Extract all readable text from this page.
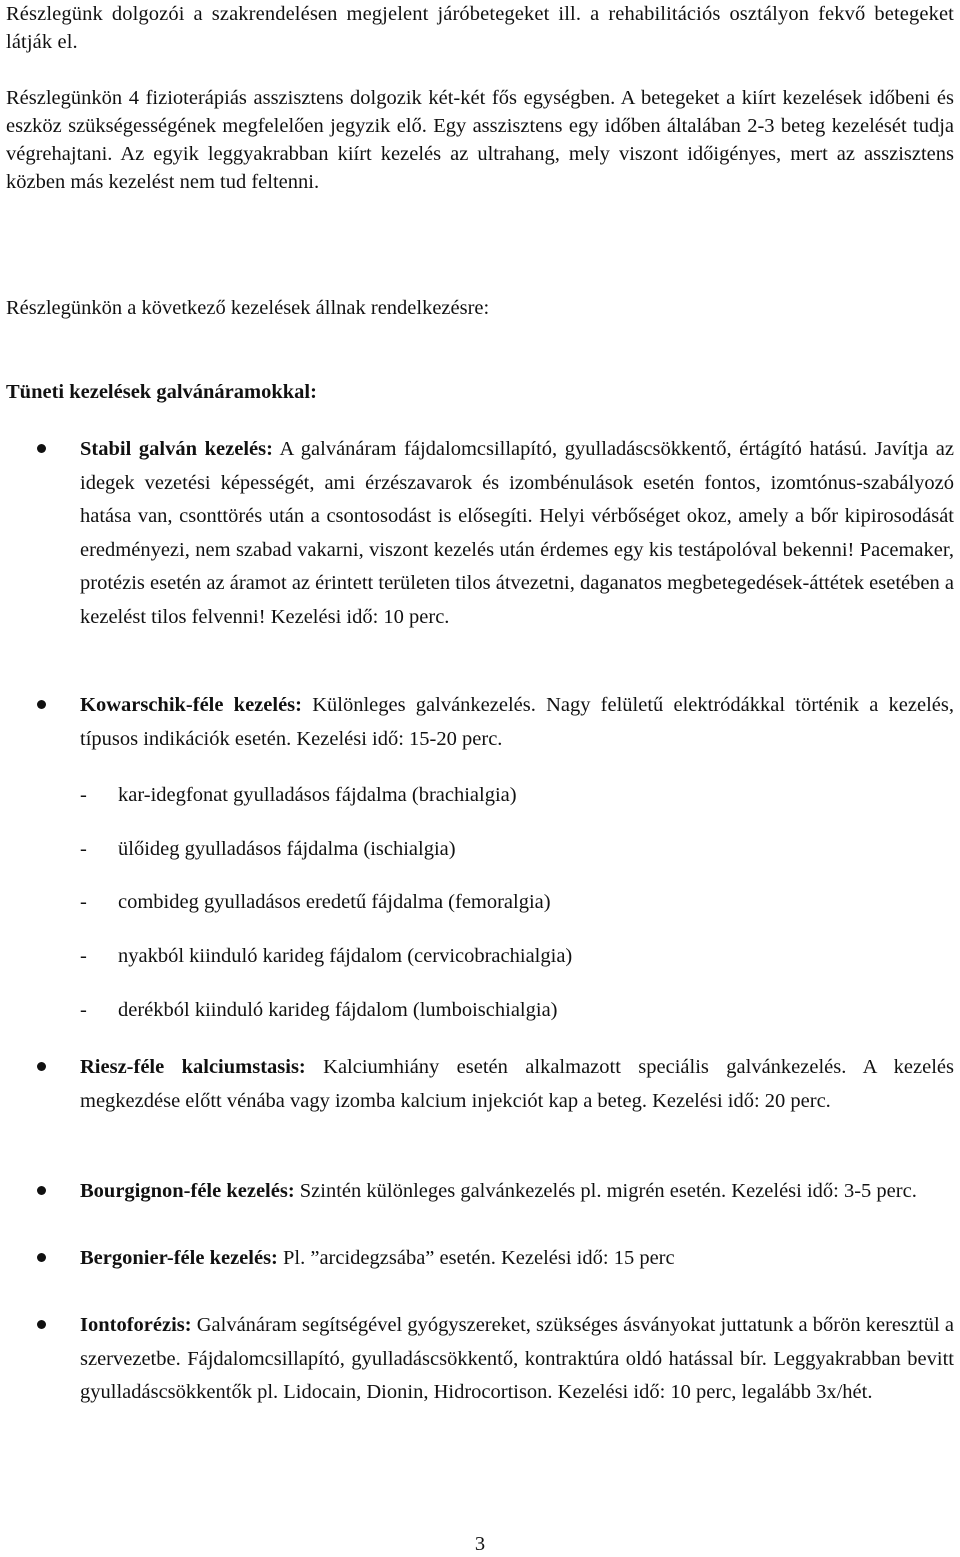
Részlegünk dolgozói a szakrendelésen megjelent járóbetegeket ill. a rehabilitációs osztályon fekvő betegeket látják el.

Részlegünkön 4 fizioterápiás asszisztens dolgozik két-két fős egységben. A betegeket a kiírt kezelések időbeni és eszköz szükségességének megfelelően jegyzik elő. Egy asszisztens egy időben általában 2-3 beteg kezelését tudja végrehajtani. Az egyik leggyakrabban kiírt kezelés az ultrahang, mely viszont időigényes, mert az asszisztens közben más kezelést nem tud feltenni.

Részlegünkön a következő kezelések állnak rendelkezésre:

Tüneti kezelések galvánáramokkal:
Stabil galván kezelés: A galvánáram fájdalomcsillapító, gyulladáscsökkentő, értágító hatású. Javítja az idegek vezetési képességét, ami érzészavarok és izombénulások esetén fontos, izomtónus-szabályozó hatása van, csonttörés után a csontosodást is elősegíti. Helyi vérbőséget okoz, amely a bőr kipirosodását eredményezi, nem szabad vakarni, viszont kezelés után érdemes egy kis testápolóval bekenni! Pacemaker, protézis esetén az áramot az érintett területen tilos átvezetni, daganatos megbetegedések-áttétek esetében a kezelést tilos felvenni! Kezelési idő: 10 perc.
Kowarschik-féle kezelés: Különleges galvánkezelés. Nagy felületű elektródákkal történik a kezelés, típusos indikációk esetén. Kezelési idő: 15-20 perc.

- kar-idegfonat gyulladásos fájdalma (brachialgia)

- ülőideg gyulladásos fájdalma (ischialgia)

- combideg gyulladásos eredetű fájdalma (femoralgia)

- nyakból kiinduló karideg fájdalom (cervicobrachialgia)

- derékból kiinduló karideg fájdalom (lumboischialgia)

Riesz-féle kalciumstasis: Kalciumhiány esetén alkalmazott speciális galvánkezelés. A kezelés megkezdése előtt vénába vagy izomba kalcium injekciót kap a beteg. Kezelési idő: 20 perc.
Bourgignon-féle kezelés: Szintén különleges galvánkezelés pl. migrén esetén. Kezelési idő: 3-5 perc.
Bergonier-féle kezelés: Pl. ”arcidegzsába” esetén. Kezelési idő: 15 perc
Iontoforézis: Galvánáram segítségével gyógyszereket, szükséges ásványokat juttatunk a bőrön keresztül a szervezetbe. Fájdalomcsillapító, gyulladáscsökkentő, kontraktúra oldó hatással bír. Leggyakrabban bevitt gyulladáscsökkentők pl. Lidocain, Dionin, Hidrocortison. Kezelési idő: 10 perc, legalább 3x/hét.
3
